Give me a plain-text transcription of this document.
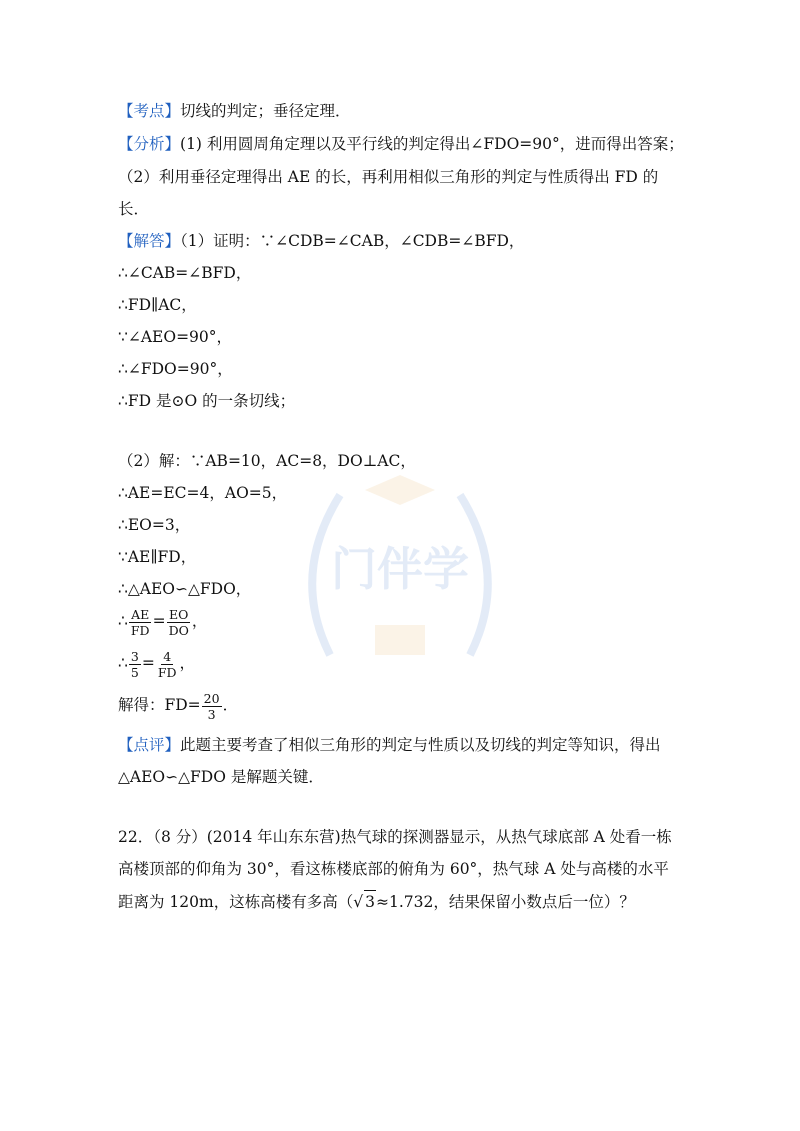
门伴学
【考点】切线的判定；垂径定理．
【分析】(1) 利用圆周角定理以及平行线的判定得出∠FDO=90°，进而得出答案；
（2）利用垂径定理得出 AE 的长，再利用相似三角形的判定与性质得出 FD 的
长．
【解答】（1）证明：∵∠CDB=∠CAB，∠CDB=∠BFD，
∴∠CAB=∠BFD，
∴FD∥AC，
∵∠AEO=90°，
∴∠FDO=90°，
∴FD 是⊙O 的一条切线；
（2）解：∵AB=10，AC=8，DO⊥AC，
∴AE=EC=4，AO=5，
∴EO=3，
∵AE∥FD，
∴△AEO∽△FDO，
∴ $\frac{AE}{FD} = \frac{EO}{DO}$ ，
∴ $\frac{3}{5} = \frac{4}{FD}$ ，
解得：$FD= \frac{20}{3}$ ．
【点评】此题主要考查了相似三角形的判定与性质以及切线的判定等知识，得出
△AEO∽△FDO 是解题关键．
22．（8 分）(2014 年山东东营)热气球的探测器显示，从热气球底部 A 处看一栋
高楼顶部的仰角为 30°，看这栋楼底部的俯角为 60°，热气球 A 处与高楼的水平
距离为 120m，这栋高楼有多高（√ 3≈1.732，结果保留小数点后一位）？
